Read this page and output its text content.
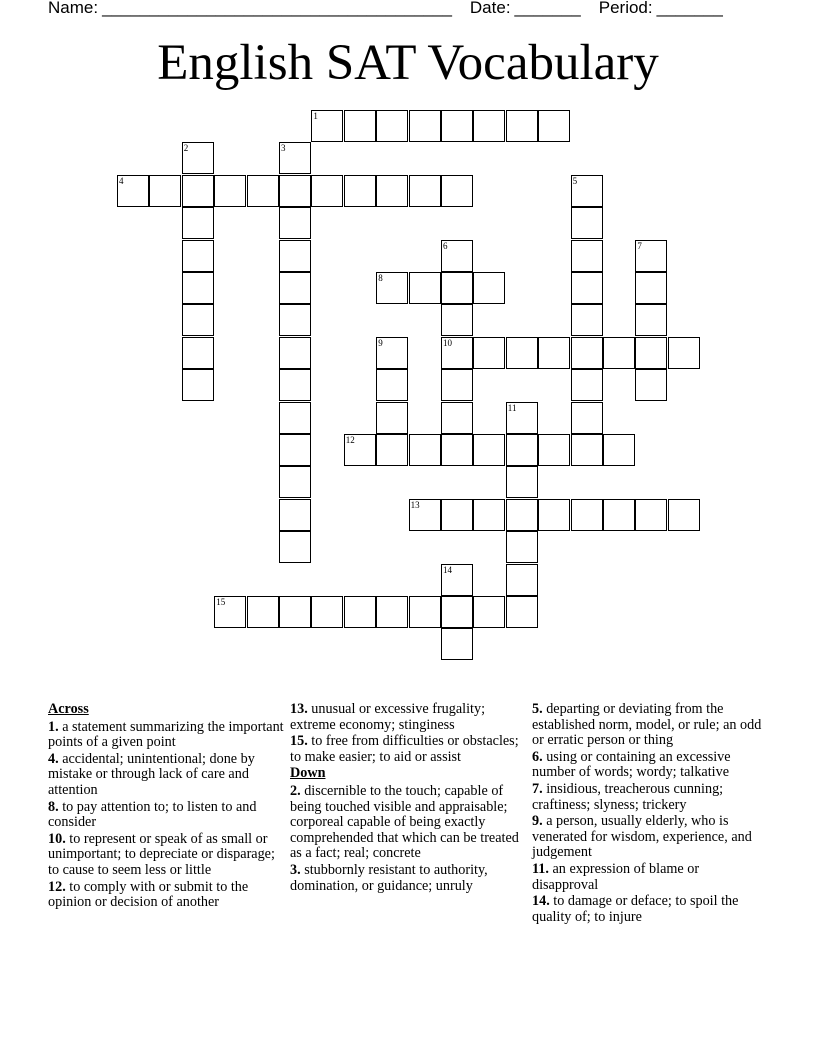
Name: _____________________________________ Date: _______ Period: _______
English SAT Vocabulary
1
2	3
4	5
6
10
7
8
9
11
12
13
14
15
Across
1. a statement summarizing the important points of a given point
4. accidental; unintentional; done by mistake or through lack of care and attention
8. to pay attention to; to listen to and consider
10. to represent or speak of as small or unimportant; to depreciate or disparage; to cause to seem less or little
12. to comply with or submit to the opinion or decision of another
13. unusual or excessive frugality; extreme economy; stinginess
15. to free from difficulties or obstacles; to make easier; to aid or assist
Down
2. discernible to the touch; capable of being touched visible and appraisable; corporeal capable of being exactly comprehended that which can be treated as a fact; real; concrete
3. stubbornly resistant to authority, domination, or guidance; unruly
5. departing or deviating from the established norm, model, or rule; an odd or erratic person or thing
6. using or containing an excessive number of words; wordy; talkative
7. insidious, treacherous cunning; craftiness; slyness; trickery
9. a person, usually elderly, who is venerated for wisdom, experience, and judgement
11. an expression of blame or disapproval
14. to damage or deface; to spoil the quality of; to injure
